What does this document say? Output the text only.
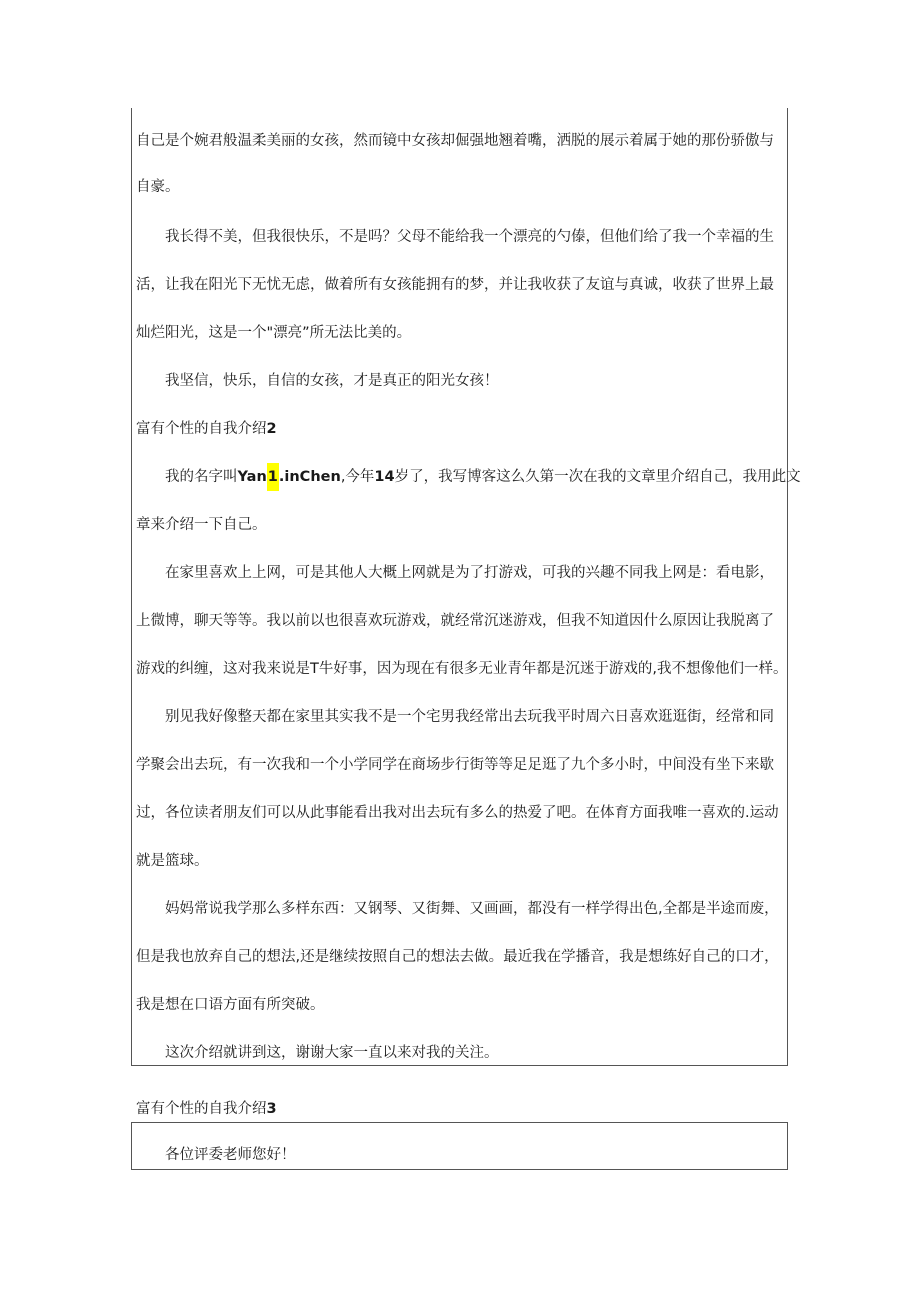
自己是个婉君般温柔美丽的女孩，然而镜中女孩却倔强地翘着嘴，洒脱的展示着属于她的那份骄傲与

自豪。

我长得不美，但我很快乐，不是吗？父母不能给我一个漂亮的勺傣，但他们给了我一个幸福的生

活，让我在阳光下无忧无虑，做着所有女孩能拥有的梦，并让我收获了友谊与真诚，收获了世界上最

灿烂阳光，这是一个"漂亮”所无法比美的。

我坚信，快乐，自信的女孩，才是真正的阳光女孩！

富有个性的自我介绍2

我的名字叫Yan1.inChen,今年14岁了，我写博客这么久第一次在我的文章里介绍自己，我用此文

章来介绍一下自己。

在家里喜欢上上网，可是其他人大概上网就是为了打游戏，可我的兴趣不同我上网是：看电影，

上微博，聊天等等。我以前以也很喜欢玩游戏，就经常沉迷游戏，但我不知道因什么原因让我脱离了

游戏的纠缠，这对我来说是T牛好事，因为现在有很多无业青年都是沉迷于游戏的,我不想像他们一样。

别见我好像整天都在家里其实我不是一个宅男我经常出去玩我平时周六日喜欢逛逛街，经常和同

学聚会出去玩，有一次我和一个小学同学在商场步行街等等足足逛了九个多小时，中间没有坐下来歇

过，各位读者朋友们可以从此事能看出我对出去玩有多么的热爱了吧。在体育方面我唯一喜欢的.运动

就是篮球。

妈妈常说我学那么多样东西：又钢琴、又街舞、又画画，都没有一样学得出色,全都是半途而废，

但是我也放弃自己的想法,还是继续按照自己的想法去做。最近我在学播音，我是想练好自己的口才，

我是想在口语方面有所突破。

这次介绍就讲到这，谢谢大家一直以来对我的关注。

富有个性的自我介绍3

各位评委老师您好！
